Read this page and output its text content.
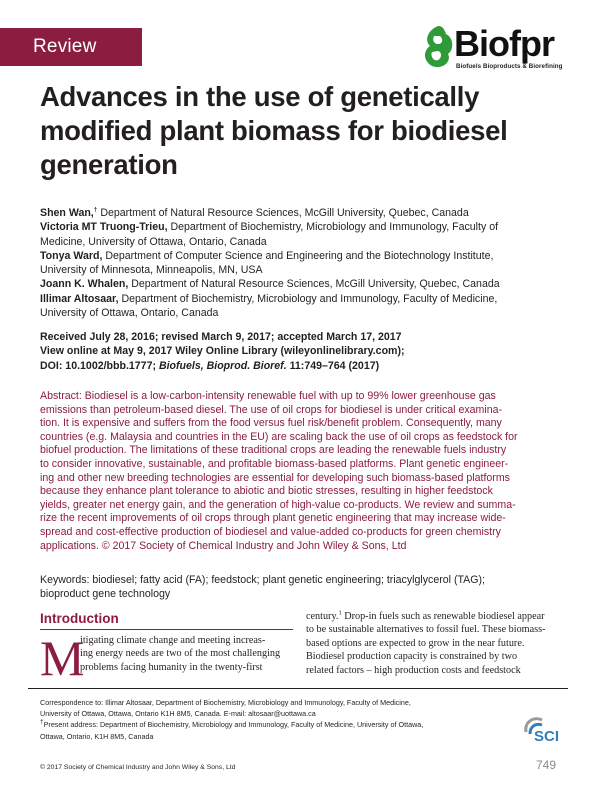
Review	Biofpr
Biofuels Bioproducts & Biorefining
Advances in the use of genetically modified plant biomass for biodiesel generation
Shen Wan,† Department of Natural Resource Sciences, McGill University, Quebec, Canada
Victoria MT Truong-Trieu, Department of Biochemistry, Microbiology and Immunology, Faculty of
Medicine, University of Ottawa, Ontario, Canada
Tonya Ward, Department of Computer Science and Engineering and the Biotechnology Institute,
University of Minnesota, Minneapolis, MN, USA
Joann K. Whalen, Department of Natural Resource Sciences, McGill University, Quebec, Canada
Illimar Altosaar, Department of Biochemistry, Microbiology and Immunology, Faculty of Medicine,
University of Ottawa, Ontario, Canada
Received July 28, 2016; revised March 9, 2017; accepted March 17, 2017
View online at May 9, 2017 Wiley Online Library (wileyonlinelibrary.com);
DOI: 10.1002/bbb.1777; Biofuels, Bioprod. Bioref. 11:749–764 (2017)
Abstract: Biodiesel is a low-carbon-intensity renewable fuel with up to 99% lower greenhouse gas
emissions than petroleum-based diesel. The use of oil crops for biodiesel is under critical examina-
tion. It is expensive and suffers from the food versus fuel risk/benefit problem. Consequently, many
countries (e.g. Malaysia and countries in the EU) are scaling back the use of oil crops as feedstock for
biofuel production. The limitations of these traditional crops are leading the renewable fuels industry
to consider innovative, sustainable, and profitable biomass-based platforms. Plant genetic engineer-
ing and other new breeding technologies are essential for developing such biomass-based platforms
because they enhance plant tolerance to abiotic and biotic stresses, resulting in higher feedstock
yields, greater net energy gain, and the generation of high-value co-products. We review and summa-
rize the recent improvements of oil crops through plant genetic engineering that may increase wide-
spread and cost-effective production of biodiesel and value-added co-products for green chemistry
applications. © 2017 Society of Chemical Industry and John Wiley & Sons, Ltd
Keywords: biodiesel; fatty acid (FA); feedstock; plant genetic engineering; triacylglycerol (TAG);
bioproduct gene technology
Introduction
M
itigating climate change and meeting increas-
ing energy needs are two of the most challenging
problems facing humanity in the twenty-first
century.$^1$ Drop-in fuels such as renewable biodiesel appear
to be sustainable alternatives to fossil fuel. These biomass-
based options are expected to grow in the near future.
Biodiesel production capacity is constrained by two
related factors – high production costs and feedstock
Correspondence to: Illimar Altosaar, Department of Biochemistry, Microbiology and Immunology, Faculty of Medicine,
University of Ottawa, Ottawa, Ontario K1H 8M5, Canada. E-mail: altosaar@uottawa.ca
†Present address: Department of Biochemistry, Microbiology and Immunology, Faculty of Medicine, University of Ottawa,
Ottawa, Ontario, K1H 8M5, Canada	SCI
© 2017 Society of Chemical Industry and John Wiley & Sons, Ltd	749
